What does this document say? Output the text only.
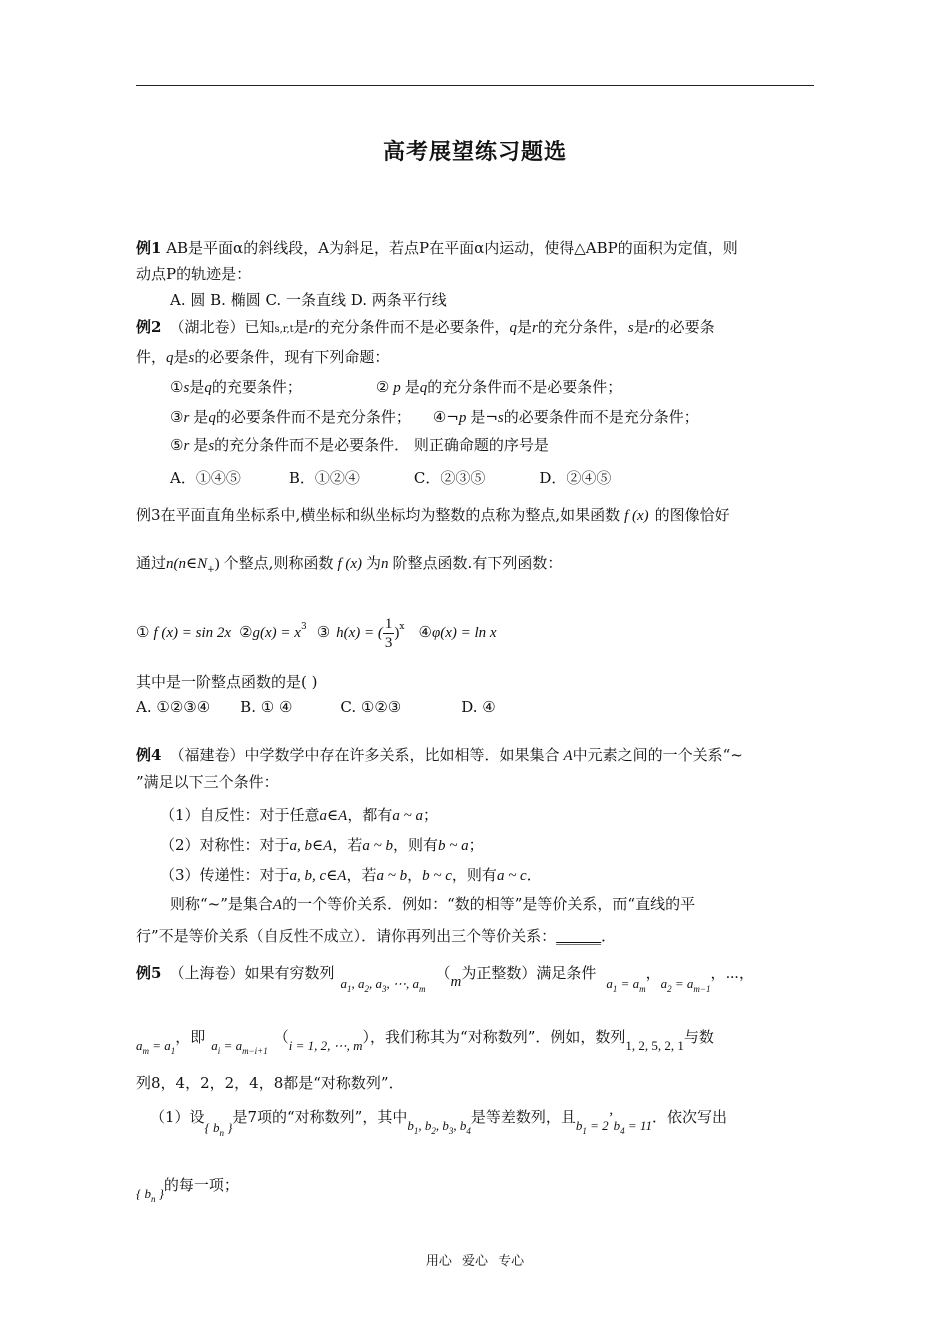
高考展望练习题选
例1 AB是平面α的斜线段，A为斜足，若点P在平面α内运动，使得△ABP的面积为定值，则
动点P的轨迹是：
A. 圆 B. 椭圆 C. 一条直线 D. 两条平行线
例2 （湖北卷）已知s,r,t是r的充分条件而不是必要条件，q是r的充分条件，s是r的必要条
件，q是s的必要条件，现有下列命题：
①s是q的充要条件；	② p 是q的充分条件而不是必要条件；
③r 是q的必要条件而不是充分条件； ④¬p 是¬s的必要条件而不是充分条件；
⑤r 是s的充分条件而不是必要条件． 则正确命题的序号是
A．①④⑤	B．①②④	C．②③⑤	D．②④⑤
例3在平面直角坐标系中,横坐标和纵坐标均为整数的点称为整点,如果函数 f (x) 的图像恰好
通过$n(n\in N_+)$ 个整点,则称函数 f (x) 为n 阶整点函数.有下列函数：
① f (x) = sin 2x ②g(x) = $x^3$ ③ h(x) = ( $\frac{1}{3} )^x$ ④φ(x) = ln x
其中是一阶整点函数的是( )
A. ①②③④ B. ① ④	C. ①②③	D. ④
例4 （福建卷）中学数学中存在许多关系，比如相等．如果集合 A中元素之间的一个关系“~
”满足以下三个条件：
（1）自反性：对于任意a∈A，都有a ~ a；
（2）对称性：对于a, b∈A，若a ~ b，则有b ~ a；
（3）传递性：对于a, b, c∈A，若a ~ b，b ~ c，则有a ~ c．
则称“~”是集合A的一个等价关系．例如：“数的相等”是等价关系，而“直线的平
行”不是等价关系（自反性不成立）．请你再列出三个等价关系：______．
例5 （上海卷）如果有穷数列$a_1$, $a_2$, $a_3$, ⋯, $a_m(m$为正整数）满足条件$a_1 = a_m$，$a_2 = a_{m-1}$，⋯，
$a_m = a_1$，即 $a_i = a_{m-i+1}(i = 1$, 2, ⋯, m），我们称其为“对称数列”．例如，数列1, 2, 5, 2, 1与数
列8，4，2，2，4，8都是“对称数列”．
（1）设{ $b_n$ }是7项的“对称数列”，其中$b_1$, $b_2$, $b_3$, $b_4$是等差数列，且$b_1$ = $2’b_4 = 11$．依次写出
{ $b_n$ }的每一项；
用心 爱心 专心
